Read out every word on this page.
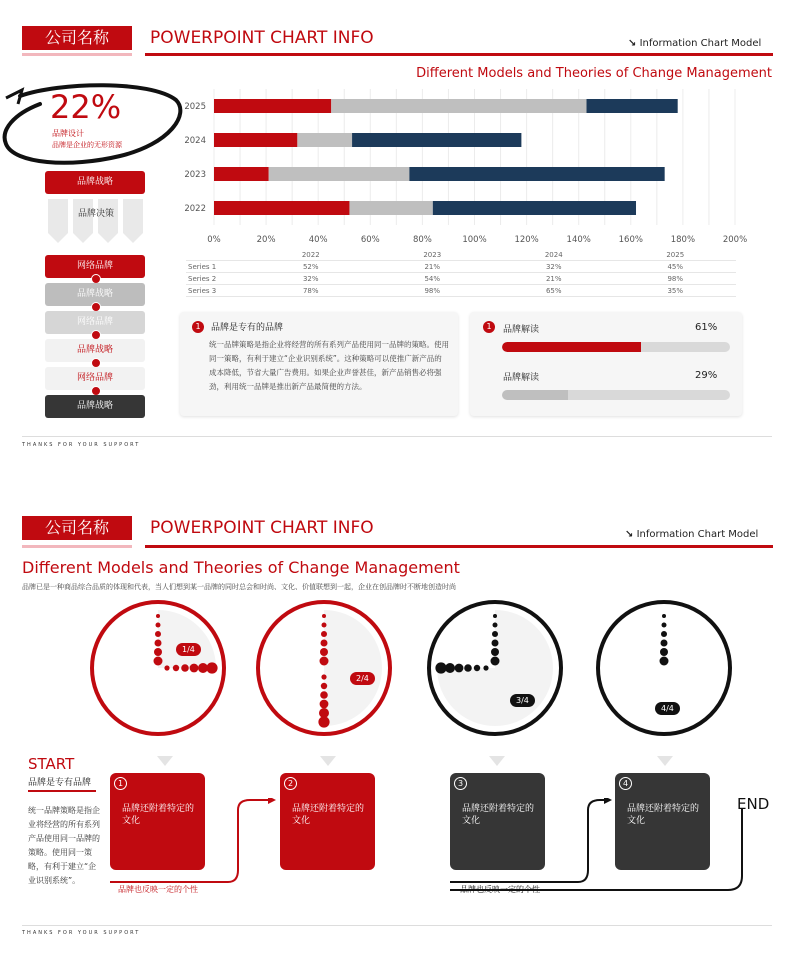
公司名称	POWERPOINT CHART INFO	↘ Information Chart Model
Different Models and Theories of Change Management
22%
品牌设计
品牌是企业的无形资源
品牌战略
品牌决策
网络品牌
品牌战略
网络品牌
品牌战略
网络品牌
品牌战略
0%	20%	40%	60%	80%	100%	120%	140%	160%	180%	200%
2025
2024
2023
2022
	2022	2023	2024	2025
Series 1	52%	21%	32%	45%
Series 2	32%	54%	21%	98%
Series 3	78%	98%	65%	35%
1	品牌是专有的品牌
统一品牌策略是指企业将经营的所有系列产品使用同一品牌的策略。使用同一策略，有利于建立“企业识别系统”。这种策略可以使推广新产品的成本降低，节省大量广告费用。如果企业声誉甚佳，新产品销售必将强劲，利用统一品牌是推出新产品最简便的方法。
1	品牌解读	61%
品牌解读	29%
THANKS FOR YOUR SUPPORT
公司名称	POWERPOINT CHART INFO	↘ Information Chart Model
Different Models and Theories of Change Management
品牌已是一种商品综合品质的体现和代表，当人们想到某一品牌的同时总会和时尚、文化、价值联想到一起，企业在创品牌时不断地创造时尚
1/4
2/4
3/4
4/4
START
品牌是专有品牌
统一品牌策略是指企业将经营的所有系列产品使用同一品牌的策略。使用同一策略，有利于建立“企业识别系统”。
1
品牌还附着特定的文化
2
品牌还附着特定的文化
3
品牌还附着特定的文化
4
品牌还附着特定的文化
品牌也反映一定的个性	品牌也反映一定的个性
END
THANKS FOR YOUR SUPPORT
